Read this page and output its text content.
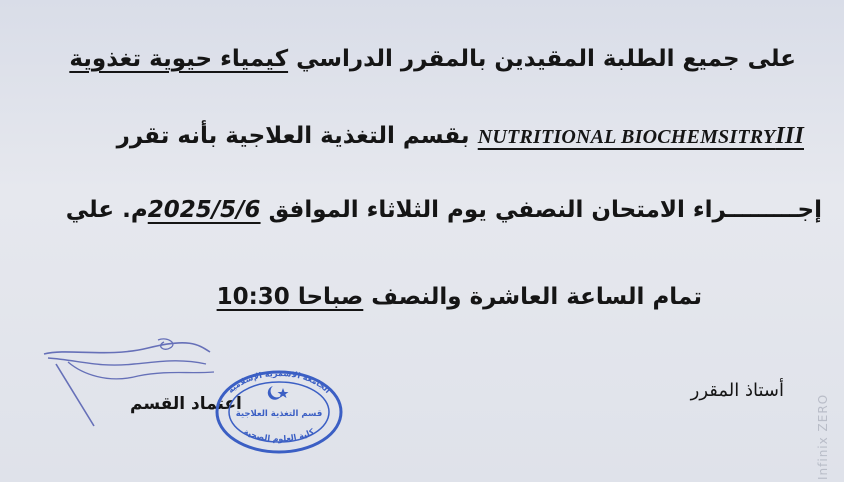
على جميع الطلبة المقيدين بالمقرر الدراسي كيمياء حيوية تغذوية
NUTRITIONAL BIOCHEMSITRYIII بقسم التغذية العلاجية بأنه تقرر
إجـــــــــراء الامتحان النصفي يوم الثلاثاء الموافق 2025/5/6م. علي
تمام الساعة العاشرة والنصف صباحا 10:30
أستاذ المقرر
اعتماد القسم
الجامعة الاسمرية الإسلامية
قسم التغذية العلاجية
كلية العلوم الصحية	Infinix ZERO
